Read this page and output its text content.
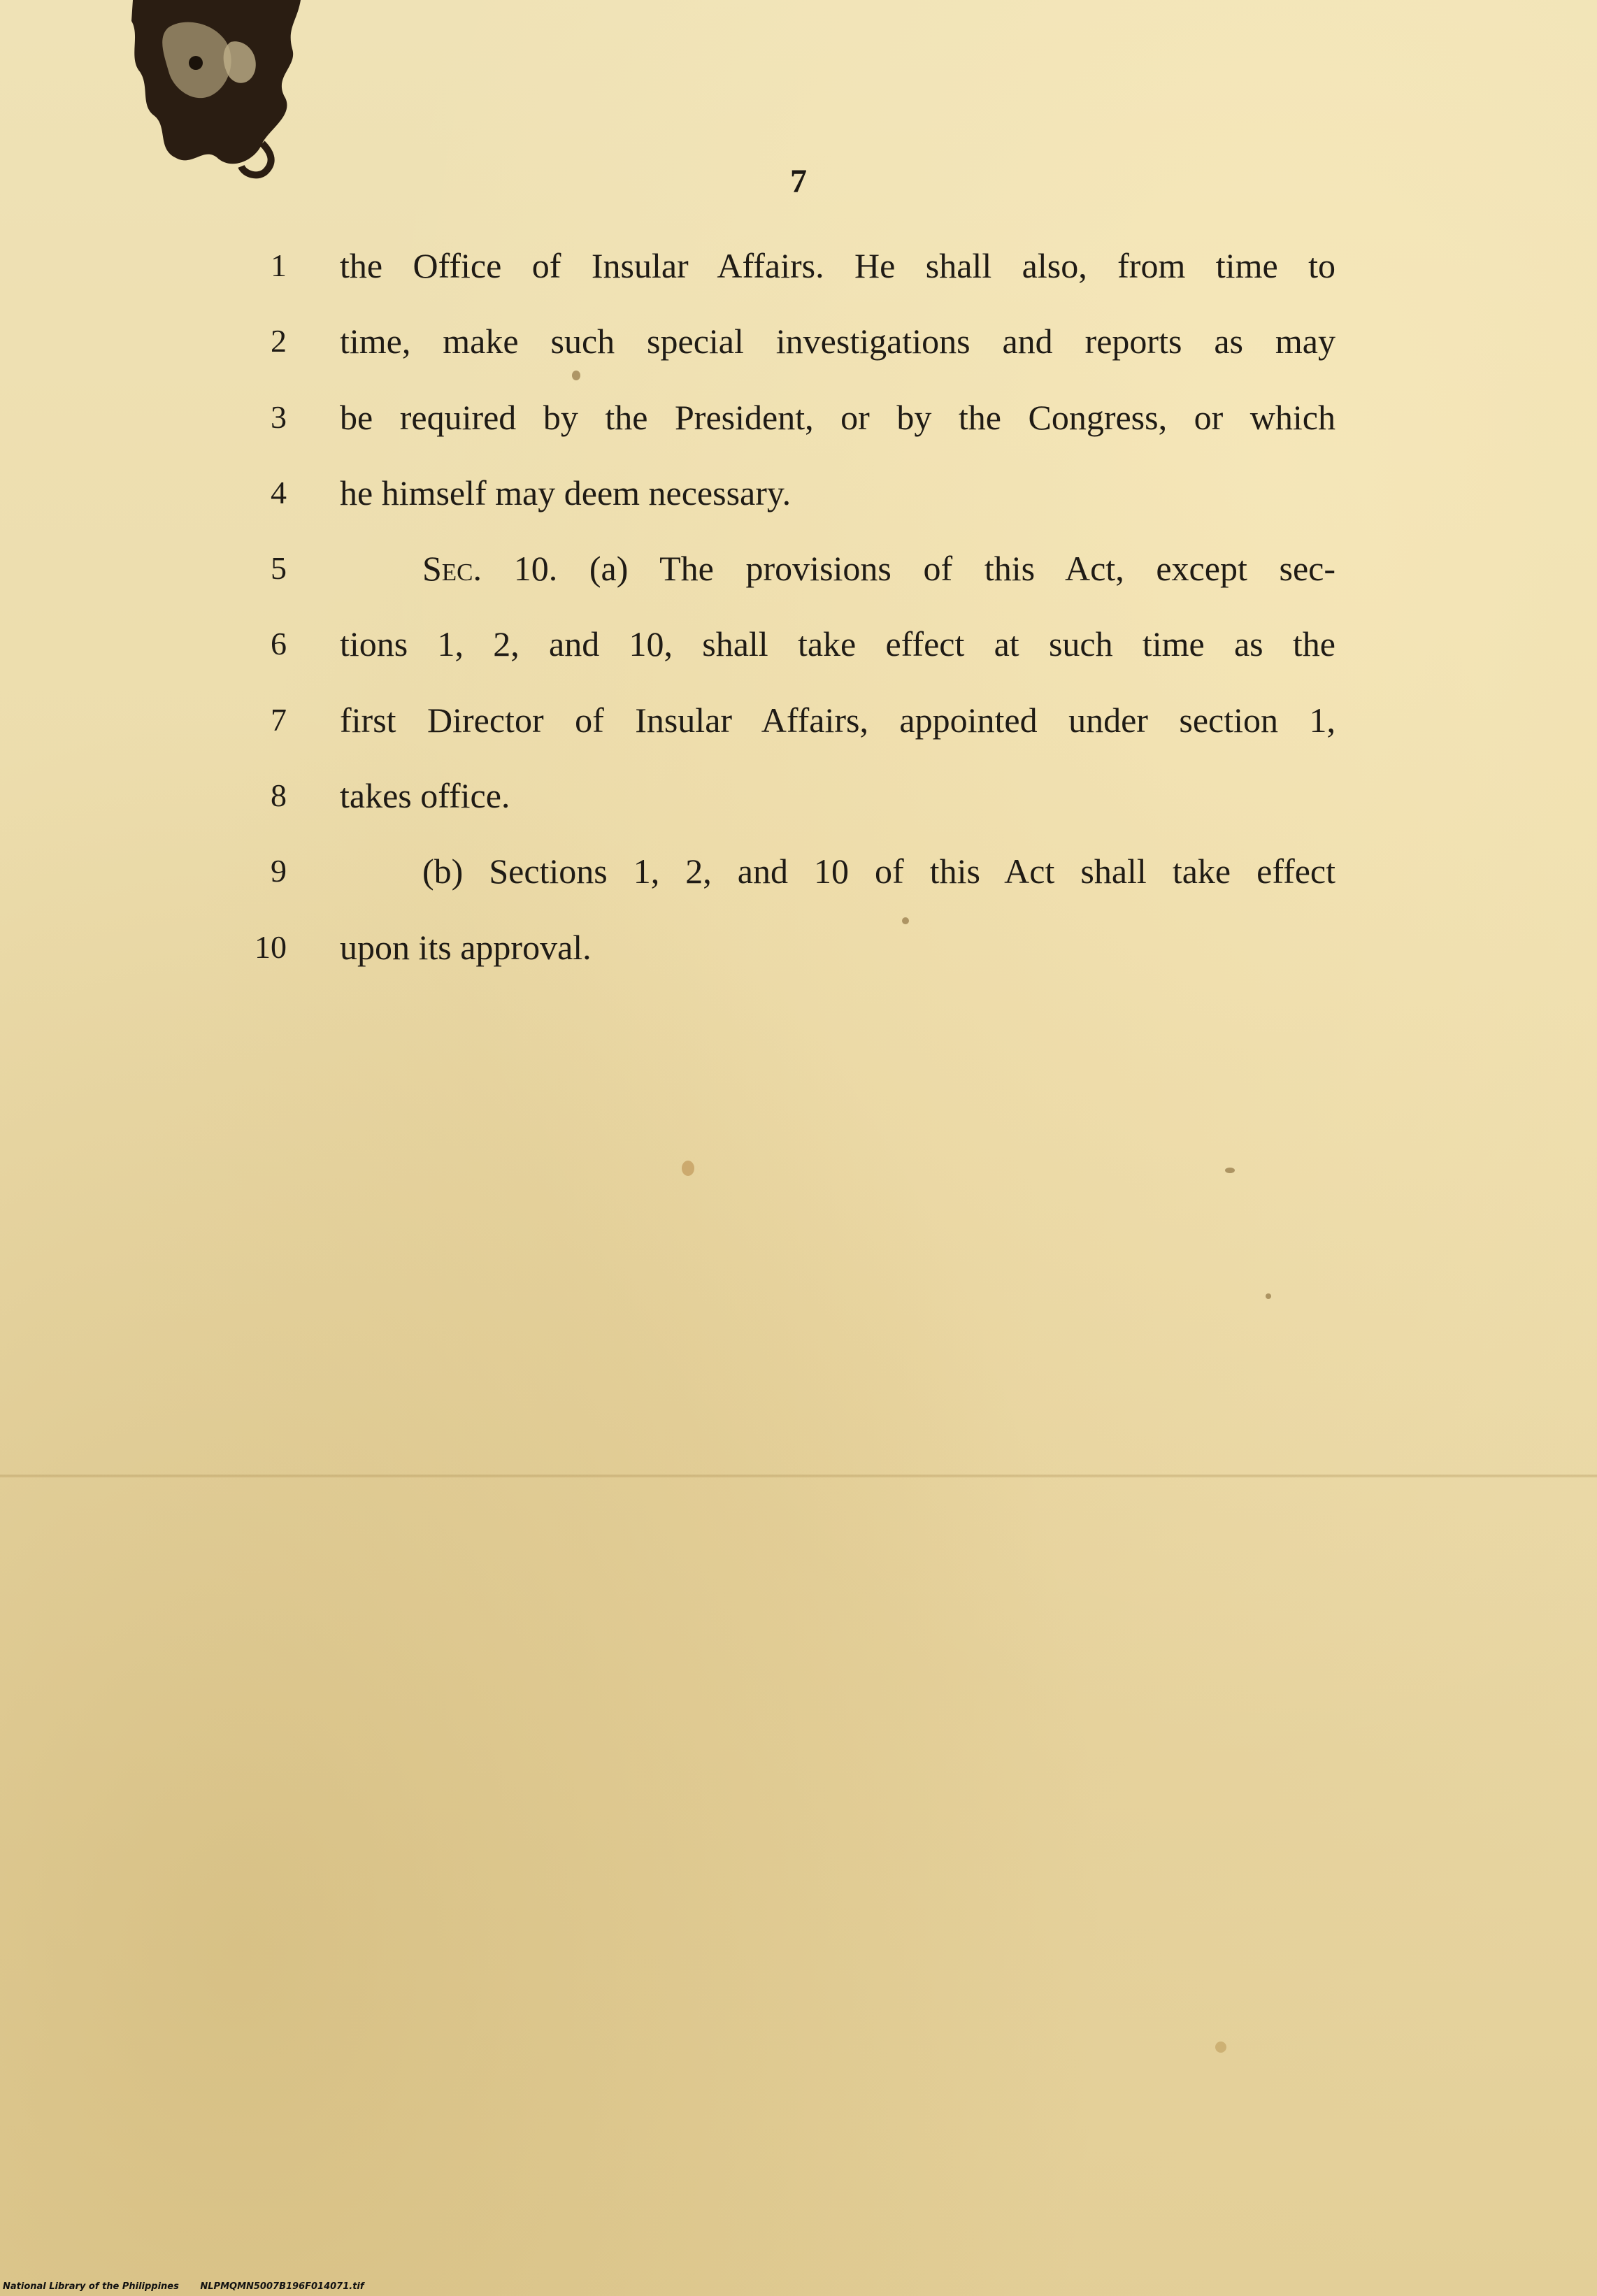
7
1 the Office of Insular Affairs. He shall also, from time to
2 time, make such special investigations and reports as may
3 be required by the President, or by the Congress, or which
4 he himself may deem necessary.
5	Sec. 10. (a) The provisions of this Act, except sec-
6 tions 1, 2, and 10, shall take effect at such time as the
7 first Director of Insular Affairs, appointed under section 1,
8 takes office.
9	(b) Sections 1, 2, and 10 of this Act shall take effect
10 upon its approval.
National Library of the Philippines NLPMQMN5007B196F014071.tif
